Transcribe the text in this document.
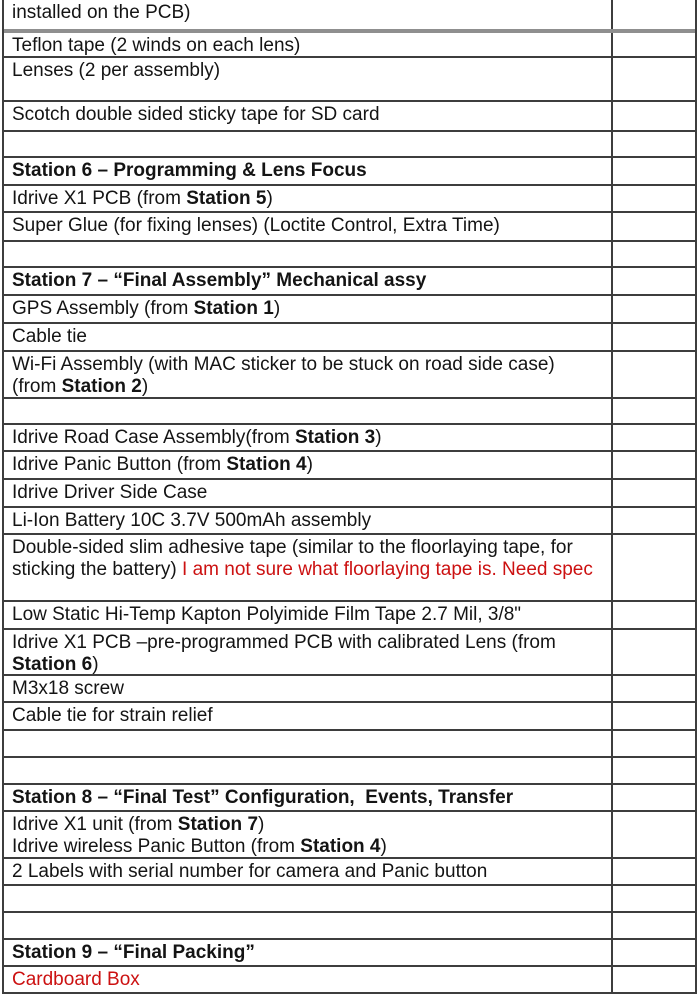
installed on the PCB)
Teflon tape (2 winds on each lens)
Lenses (2 per assembly)
Scotch double sided sticky tape for SD card
Station 6 – Programming & Lens Focus
Idrive X1 PCB (from Station 5)
Super Glue (for fixing lenses) (Loctite Control, Extra Time)
Station 7 – “Final Assembly” Mechanical assy
GPS Assembly (from Station 1)
Cable tie
Wi-Fi Assembly (with MAC sticker to be stuck on road side case)
(from Station 2)
Idrive Road Case Assembly(from Station 3)
Idrive Panic Button (from Station 4)
Idrive Driver Side Case
Li-Ion Battery 10C 3.7V 500mAh assembly
Double-sided slim adhesive tape (similar to the floorlaying tape, for sticking the battery) I am not sure what floorlaying tape is. Need spec
Low Static Hi-Temp Kapton Polyimide Film Tape 2.7 Mil, 3/8"
Idrive X1 PCB –pre-programmed PCB with calibrated Lens (from Station 6)
M3x18 screw
Cable tie for strain relief
Station 8 – “Final Test” Configuration,  Events, Transfer
Idrive X1 unit (from Station 7)
Idrive wireless Panic Button (from Station 4)
2 Labels with serial number for camera and Panic button
Station 9 – “Final Packing”
Cardboard Box
